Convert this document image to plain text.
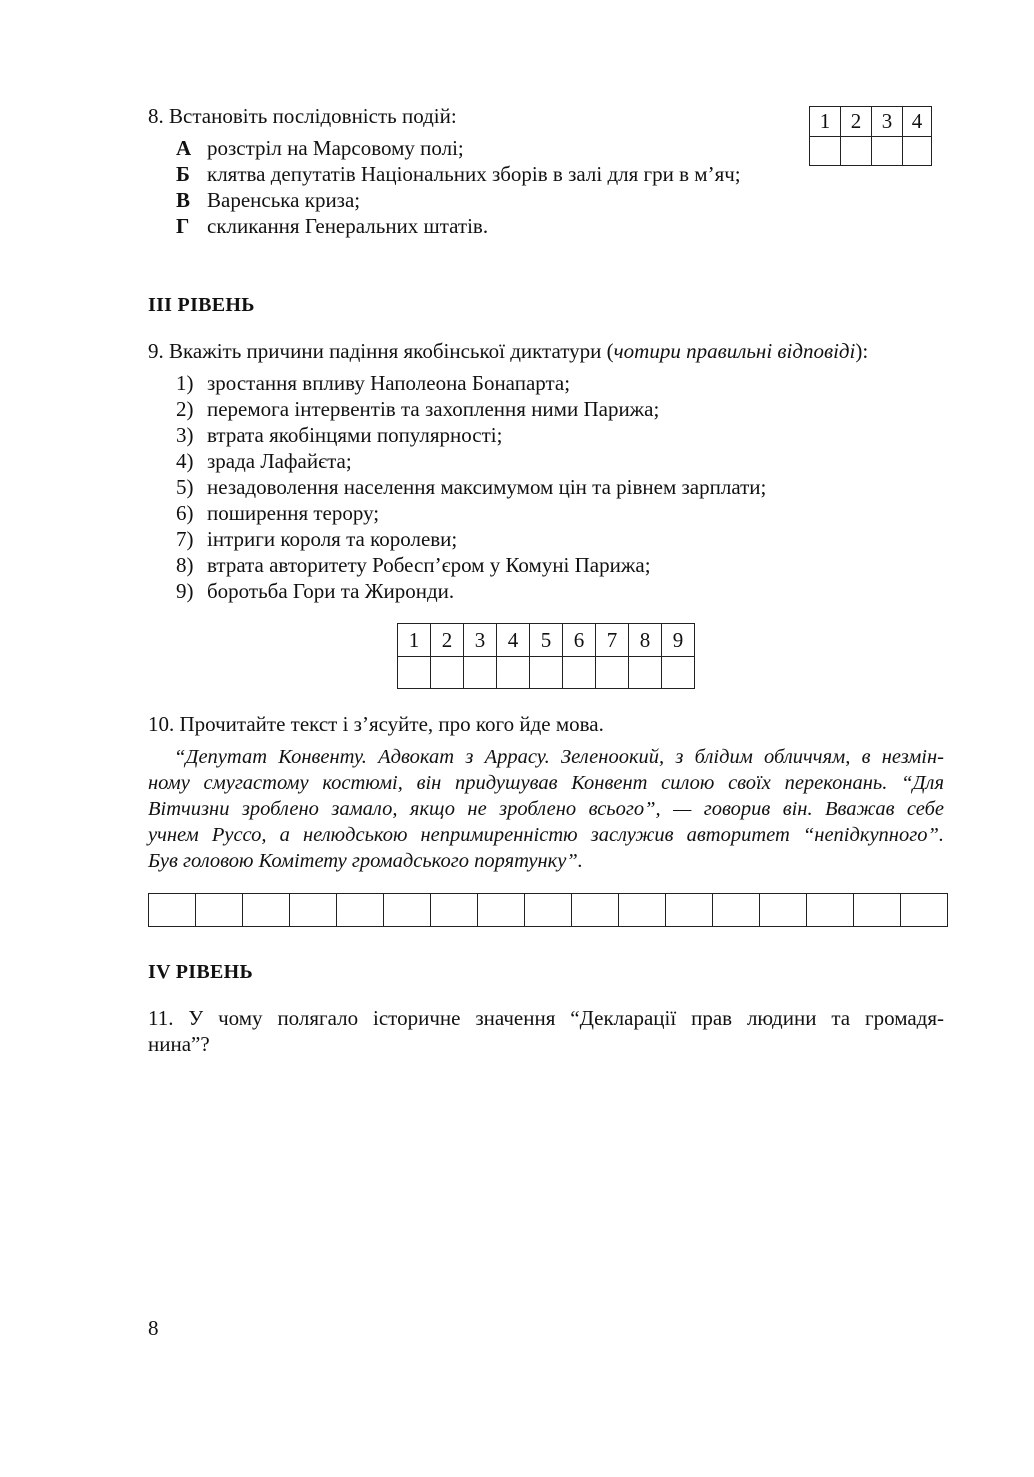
8. Встановіть послідовність подій:
А розстріл на Марсовому полі;
Б клятва депутатів Національних зборів в залі для гри в м’яч;
В Варенська криза;
Г скликання Генеральних штатів.
1	2	3	4

III РІВЕНЬ
9. Вкажіть причини падіння якобінської диктатури (чотири правильні відповіді):
1) зростання впливу Наполеона Бонапарта;
2) перемога інтервентів та захоплення ними Парижа;
3) втрата якобінцями популярності;
4) зрада Лафайєта;
5) незадоволення населення максимумом цін та рівнем зарплати;
6) поширення терору;
7) інтриги короля та королеви;
8) втрата авторитету Робесп’єром у Комуні Парижа;
9) боротьба Гори та Жиронди.
1	2	3	4	5	6	7	8	9

10. Прочитайте текст і з’ясуйте, про кого йде мова.
“Депутат Конвенту. Адвокат з Аррасу. Зеленоокий, з блідим обличчям, в незмін-
ному смугастому костюмі, він придушував Конвент силою своїх переконань. “Для
Вітчизни зроблено замало, якщо не зроблено всього”, — говорив він. Вважав себе
учнем Руссо, а нелюдською непримиренністю заслужив авторитет “непідкупного”.
Був головою Комітету громадського порятунку”.

IV РІВЕНЬ
11. У чому полягало історичне значення “Декларації прав людини та громадя-
нина”?
8
